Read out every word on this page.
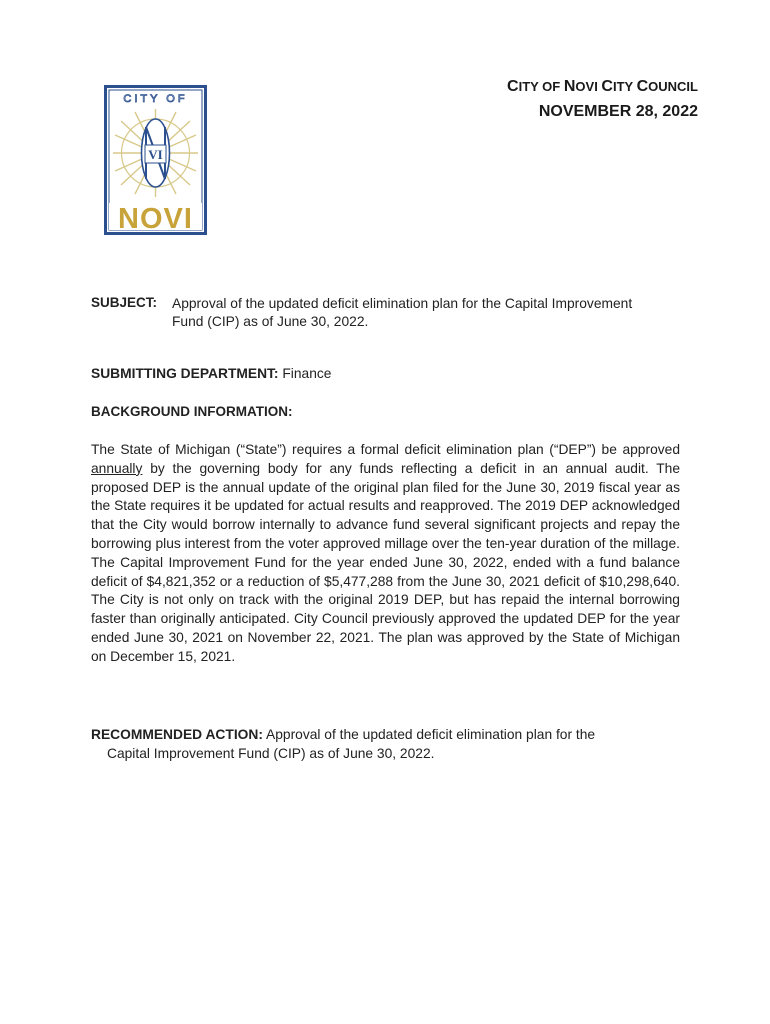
CITY OF
VI
NOVI
CITY OF NOVI CITY COUNCIL
NOVEMBER 28, 2022
SUBJECT: Approval of the updated deficit elimination plan for the Capital Improvement Fund (CIP) as of June 30, 2022.
SUBMITTING DEPARTMENT: Finance
BACKGROUND INFORMATION:
The State of Michigan (“State”) requires a formal deficit elimination plan (“DEP”) be approved annually by the governing body for any funds reflecting a deficit in an annual audit. The proposed DEP is the annual update of the original plan filed for the June 30, 2019 fiscal year as the State requires it be updated for actual results and reapproved. The 2019 DEP acknowledged that the City would borrow internally to advance fund several significant projects and repay the borrowing plus interest from the voter approved millage over the ten-year duration of the millage. The Capital Improvement Fund for the year ended June 30, 2022, ended with a fund balance deficit of $4,821,352 or a reduction of $5,477,288 from the June 30, 2021 deficit of $10,298,640. The City is not only on track with the original 2019 DEP, but has repaid the internal borrowing faster than originally anticipated. City Council previously approved the updated DEP for the year ended June 30, 2021 on November 22, 2021. The plan was approved by the State of Michigan on December 15, 2021.
RECOMMENDED ACTION: Approval of the updated deficit elimination plan for the
Capital Improvement Fund (CIP) as of June 30, 2022.
